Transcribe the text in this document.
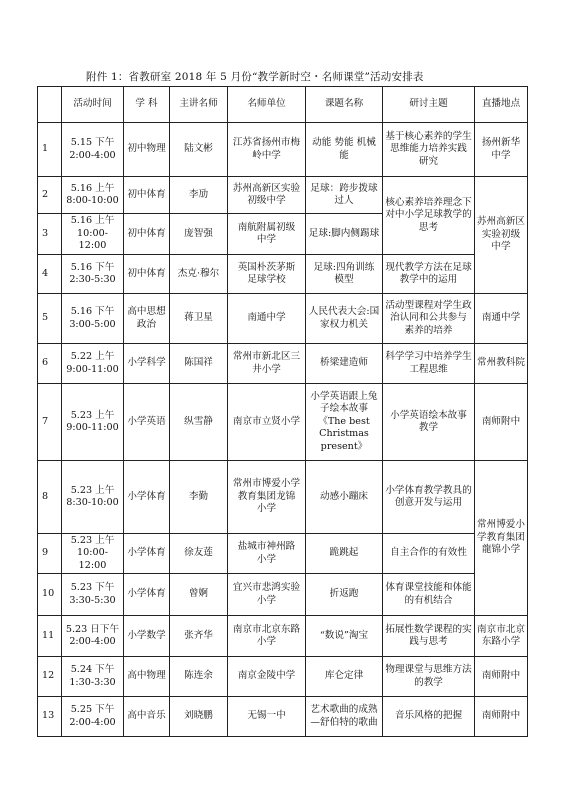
附件 1：省教研室 2018 年 5 月份“教学新时空・名师课堂”活动安排表
	活动时间	学 科	主讲名师	名师单位	课题名称	研讨主题	直播地点
1	5.15 下午
2:00-4:00	初中物理	陆文彬	江苏省扬州市梅
岭中学	动能 势能 机械
能	基于核心素养的学生
思维能力培养实践
研究	扬州新华
中学

2	5.16 上午
8:00-10:00	初中体育	李劢	苏州高新区实验
初级中学	足球：跨步拨球
过人	核心素养培养理念下
对中小学足球教学的
思考	苏州高新区
实验初级
中学

3	5.16 上午
10:00-12:00	初中体育	庞智强	南航附属初级
中学	足球:脚内侧踢球		

4	5.16 下午
2:30-5:30	初中体育	杰克·穆尔	英国朴茨茅斯
足球学校	足球:四角训练
模型	现代教学方法在足球
教学中的运用	

5	5.16 下午
3:00-5:00	高中思想
政治	蒋卫星	南通中学	人民代表大会:国
家权力机关	活动型课程对学生政
治认同和公共参与
素养的培养	南通中学

6	5.22 上午
9:00-11:00	小学科学	陈国祥	常州市新北区三
井小学	桥梁建造师	科学学习中培养学生
工程思维	常州教科院

7	5.23 上午
9:00-11:00	小学英语	纵雪静	南京市立贤小学	小学英语跟上兔
子绘本故事
《The best
Christmas
present》	小学英语绘本故事
教学	南师附中

8	5.23 上午
8:30-10:00	小学体育	李勤	常州市博爱小学
教育集团龙锦
小学	动感小蹦床	小学体育教学教具的
创意开发与运用	常州博爱小
学教育集团
龍锦小学

9	5.23 上午
10:00-12:00	小学体育	徐友莲	盐城市神州路
小学	跪跳起	自主合作的有效性	

10	5.23 下午
3:30-5:30	小学体育	曾婀	宜兴市悲鸿实验
小学	折返跑	体育课堂技能和体能
的有机结合	

11	5.23 日下午
2:00-4:00	小学数学	张齐华	南京市北京东路
小学	“数说”淘宝	拓展性数学课程的实
践与思考	南京市北京
东路小学

12	5.24 下午
1:30-3:30	高中物理	陈连余	南京金陵中学	库仑定律	物理课堂与思维方法
的教学	南师附中

13	5.25 下午
2:00-4:00	高中音乐	刘晓鹏	无锡一中	艺术歌曲的成熟
—舒伯特的歌曲	音乐风格的把握	南师附中
